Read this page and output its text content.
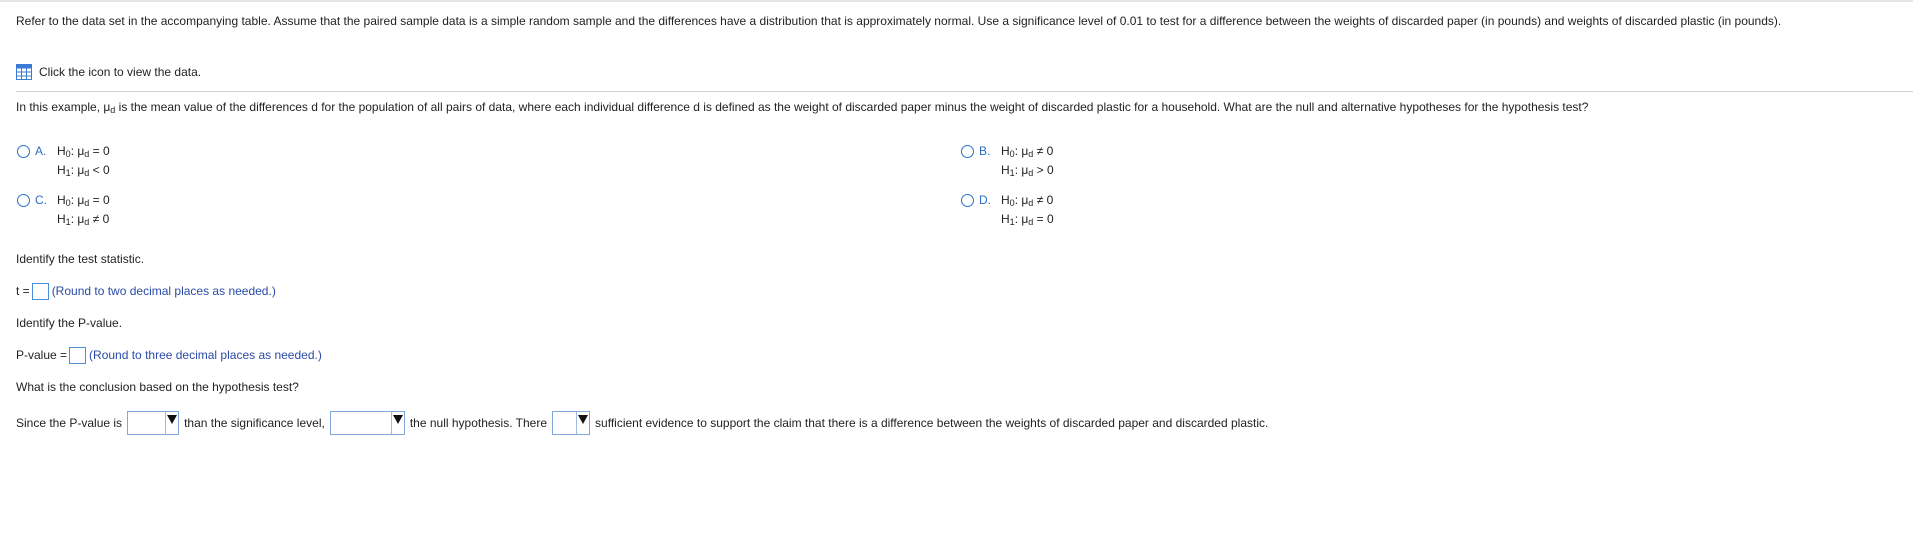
Refer to the data set in the accompanying table. Assume that the paired sample data is a simple random sample and the differences have a distribution that is approximately normal. Use a significance level of 0.01 to test for a difference between the weights of discarded paper (in pounds) and weights of discarded plastic (in pounds).
Click the icon to view the data.
In this example, $\mu_d$ is the mean value of the differences d for the population of all pairs of data, where each individual difference d is defined as the weight of discarded paper minus the weight of discarded plastic for a household. What are the null and alternative hypotheses for the hypothesis test?
A. $H_0$: $\mu_d = 0$
$H_1$: $\mu_d < 0$
B. $H_0$: $\mu_d \ne 0$
$H_1$: $\mu_d > 0$
C. $H_0$: $\mu_d = 0$
$H_1$: $\mu_d \ne 0$
D. $H_0$: $\mu_d \ne 0$
$H_1$: $\mu_d = 0$
Identify the test statistic.
t = (Round to two decimal places as needed.)
Identify the P-value.
P-value = (Round to three decimal places as needed.)
What is the conclusion based on the hypothesis test?
Since the P-value is	than the significance level,	the null hypothesis. There	sufficient evidence to support the claim that there is a difference between the weights of discarded paper and discarded plastic.
